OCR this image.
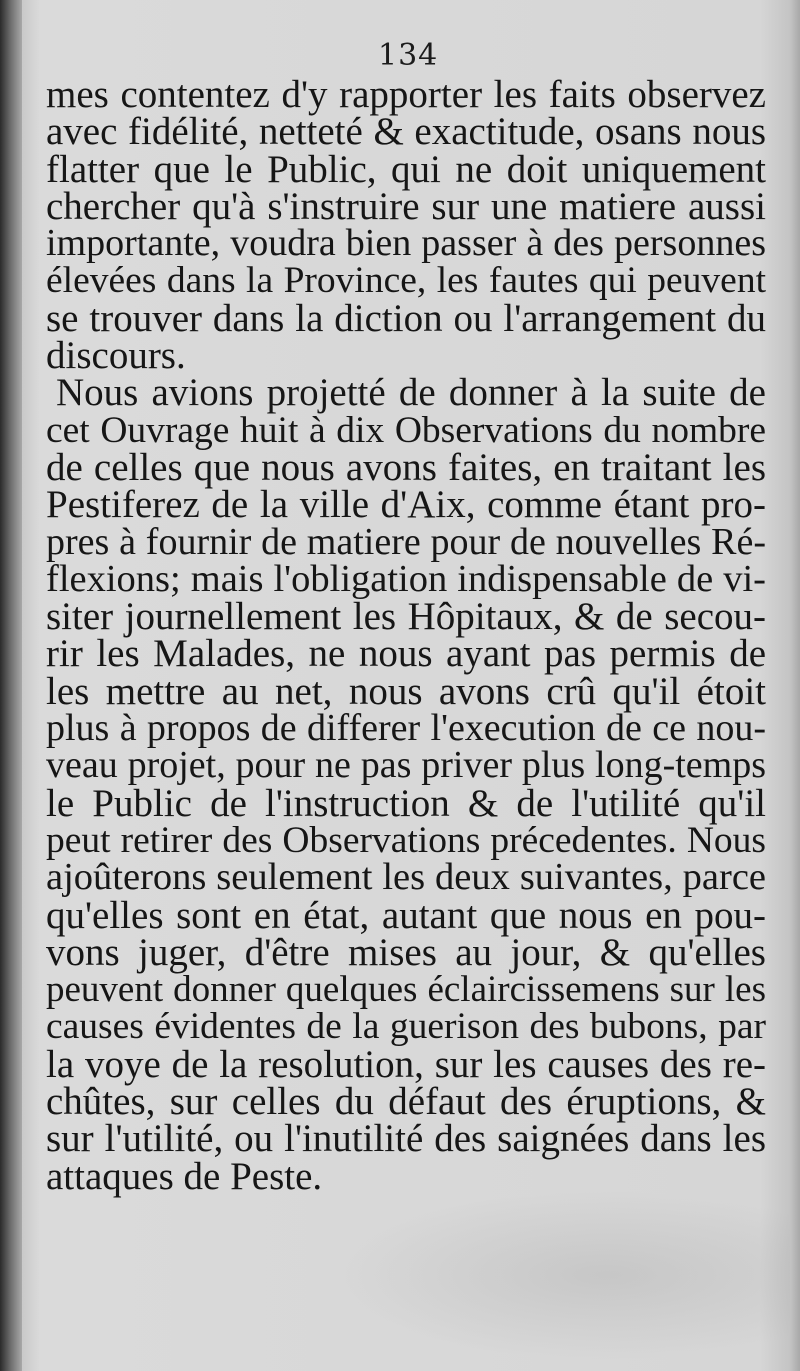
134
mes contentez d'y rapporter les faits observez
avec fidélité, netteté & exactitude, osans nous
flatter que le Public, qui ne doit uniquement
chercher qu'à s'instruire sur une matiere aussi
importante, voudra bien passer à des personnes
élevées dans la Province, les fautes qui peuvent
se trouver dans la diction ou l'arrangement du
discours.
Nous avions projetté de donner à la suite de
cet Ouvrage huit à dix Observations du nombre
de celles que nous avons faites, en traitant les
Pestiferez de la ville d'Aix, comme étant pro-
pres à fournir de matiere pour de nouvelles Ré-
flexions; mais l'obligation indispensable de vi-
siter journellement les Hôpitaux, & de secou-
rir les Malades, ne nous ayant pas permis de
les mettre au net, nous avons crû qu'il étoit
plus à propos de differer l'execution de ce nou-
veau projet, pour ne pas priver plus long-temps
le Public de l'instruction & de l'utilité qu'il
peut retirer des Observations précedentes. Nous
ajoûterons seulement les deux suivantes, parce
qu'elles sont en état, autant que nous en pou-
vons juger, d'être mises au jour, & qu'elles
peuvent donner quelques éclaircissemens sur les
causes évidentes de la guerison des bubons, par
la voye de la resolution, sur les causes des re-
chûtes, sur celles du défaut des éruptions, &
sur l'utilité, ou l'inutilité des saignées dans les
attaques de Peste.
